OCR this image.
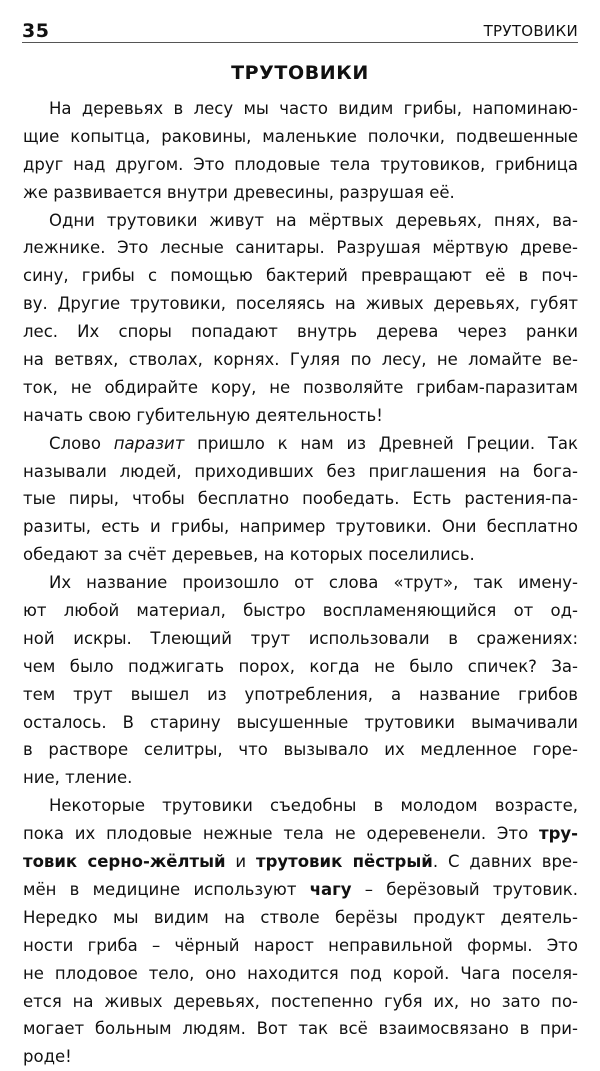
35	ТРУТОВИКИ
ТРУТОВИКИ
На деревьях в лесу мы часто видим грибы, напоминаю-
щие копытца, раковины, маленькие полочки, подвешенные
друг над другом. Это плодовые тела трутовиков, грибница
же развивается внутри древесины, разрушая её.
Одни трутовики живут на мёртвых деревьях, пнях, ва-
лежнике. Это лесные санитары. Разрушая мёртвую древе-
сину, грибы с помощью бактерий превращают её в поч-
ву. Другие трутовики, поселяясь на живых деревьях, губят
лес. Их споры попадают внутрь дерева через ранки
на ветвях, стволах, корнях. Гуляя по лесу, не ломайте ве-
ток, не обдирайте кору, не позволяйте грибам-паразитам
начать свою губительную деятельность!
Слово паразит пришло к нам из Древней Греции. Так
называли людей, приходивших без приглашения на бога-
тые пиры, чтобы бесплатно пообедать. Есть растения-па-
разиты, есть и грибы, например трутовики. Они бесплатно
обедают за счёт деревьев, на которых поселились.
Их название произошло от слова «трут», так имену-
ют любой материал, быстро воспламеняющийся от од-
ной искры. Тлеющий трут использовали в сражениях:
чем было поджигать порох, когда не было спичек? За-
тем трут вышел из употребления, а название грибов
осталось. В старину высушенные трутовики вымачивали
в растворе селитры, что вызывало их медленное горе-
ние, тление.
Некоторые трутовики съедобны в молодом возрасте,
пока их плодовые нежные тела не одеревенели. Это тру-
товик серно-жёлтый и трутовик пёстрый. С давних вре-
мён в медицине используют чагу – берёзовый трутовик.
Нередко мы видим на стволе берёзы продукт деятель-
ности гриба – чёрный нарост неправильной формы. Это
не плодовое тело, оно находится под корой. Чага поселя-
ется на живых деревьях, постепенно губя их, но зато по-
могает больным людям. Вот так всё взаимосвязано в при-
роде!
